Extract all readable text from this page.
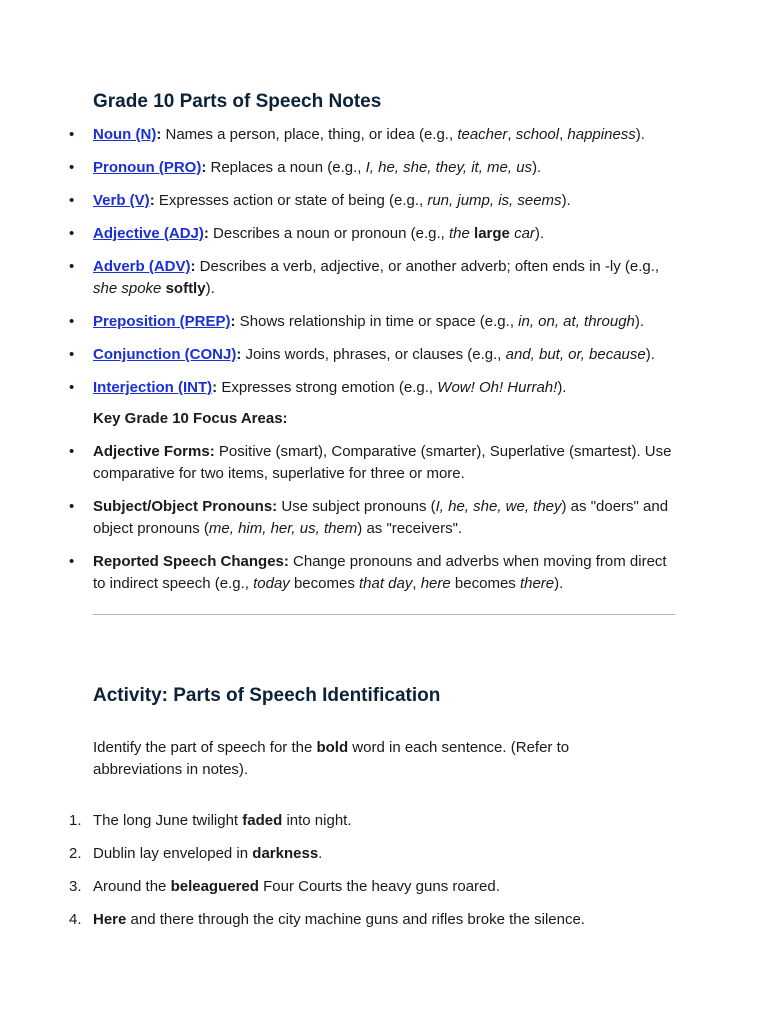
Grade 10 Parts of Speech Notes
• Noun (N): Names a person, place, thing, or idea (e.g., teacher, school, happiness).
• Pronoun (PRO): Replaces a noun (e.g., I, he, she, they, it, me, us).
• Verb (V): Expresses action or state of being (e.g., run, jump, is, seems).
• Adjective (ADJ): Describes a noun or pronoun (e.g., the large car).
• Adverb (ADV): Describes a verb, adjective, or another adverb; often ends in -ly (e.g., she spoke softly).
• Preposition (PREP): Shows relationship in time or space (e.g., in, on, at, through).
• Conjunction (CONJ): Joins words, phrases, or clauses (e.g., and, but, or, because).
• Interjection (INT): Expresses strong emotion (e.g., Wow! Oh! Hurrah!).
Key Grade 10 Focus Areas:
• Adjective Forms: Positive (smart), Comparative (smarter), Superlative (smartest). Use comparative for two items, superlative for three or more.
• Subject/Object Pronouns: Use subject pronouns (I, he, she, we, they) as "doers" and object pronouns (me, him, her, us, them) as "receivers".
• Reported Speech Changes: Change pronouns and adverbs when moving from direct to indirect speech (e.g., today becomes that day, here becomes there).
Activity: Parts of Speech Identification
Identify the part of speech for the bold word in each sentence. (Refer to abbreviations in notes).
1. The long June twilight faded into night.
2. Dublin lay enveloped in darkness.
3. Around the beleaguered Four Courts the heavy guns roared.
4. Here and there through the city machine guns and rifles broke the silence.
